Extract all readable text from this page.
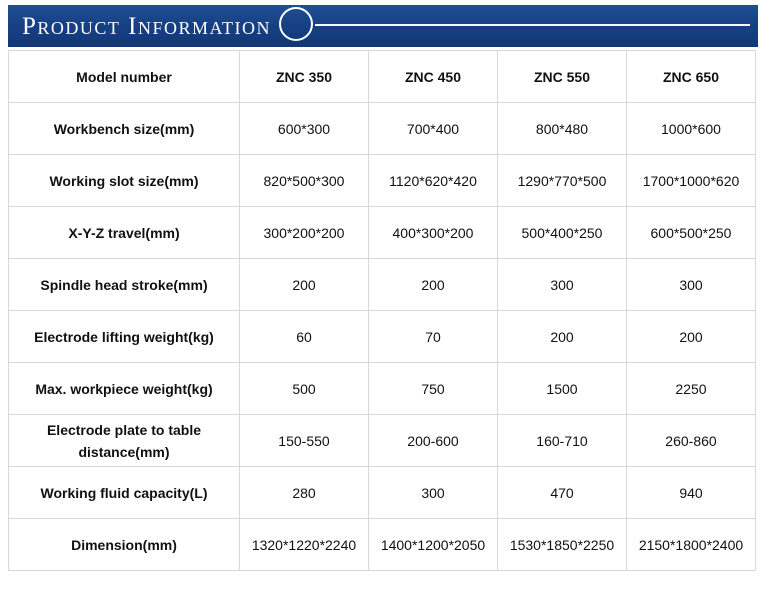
Product Information
Model number	ZNC 350	ZNC 450	ZNC 550	ZNC 650
Workbench size(mm)	600*300	700*400	800*480	1000*600
Working slot size(mm)	820*500*300	1120*620*420	1290*770*500	1700*1000*620
X-Y-Z travel(mm)	300*200*200	400*300*200	500*400*250	600*500*250
Spindle head stroke(mm)	200	200	300	300
Electrode lifting weight(kg)	60	70	200	200
Max. workpiece weight(kg)	500	750	1500	2250
Electrode plate to table distance(mm)	150-550	200-600	160-710	260-860
Working fluid capacity(L)	280	300	470	940
Dimension(mm)	1320*1220*2240	1400*1200*2050	1530*1850*2250	2150*1800*2400
